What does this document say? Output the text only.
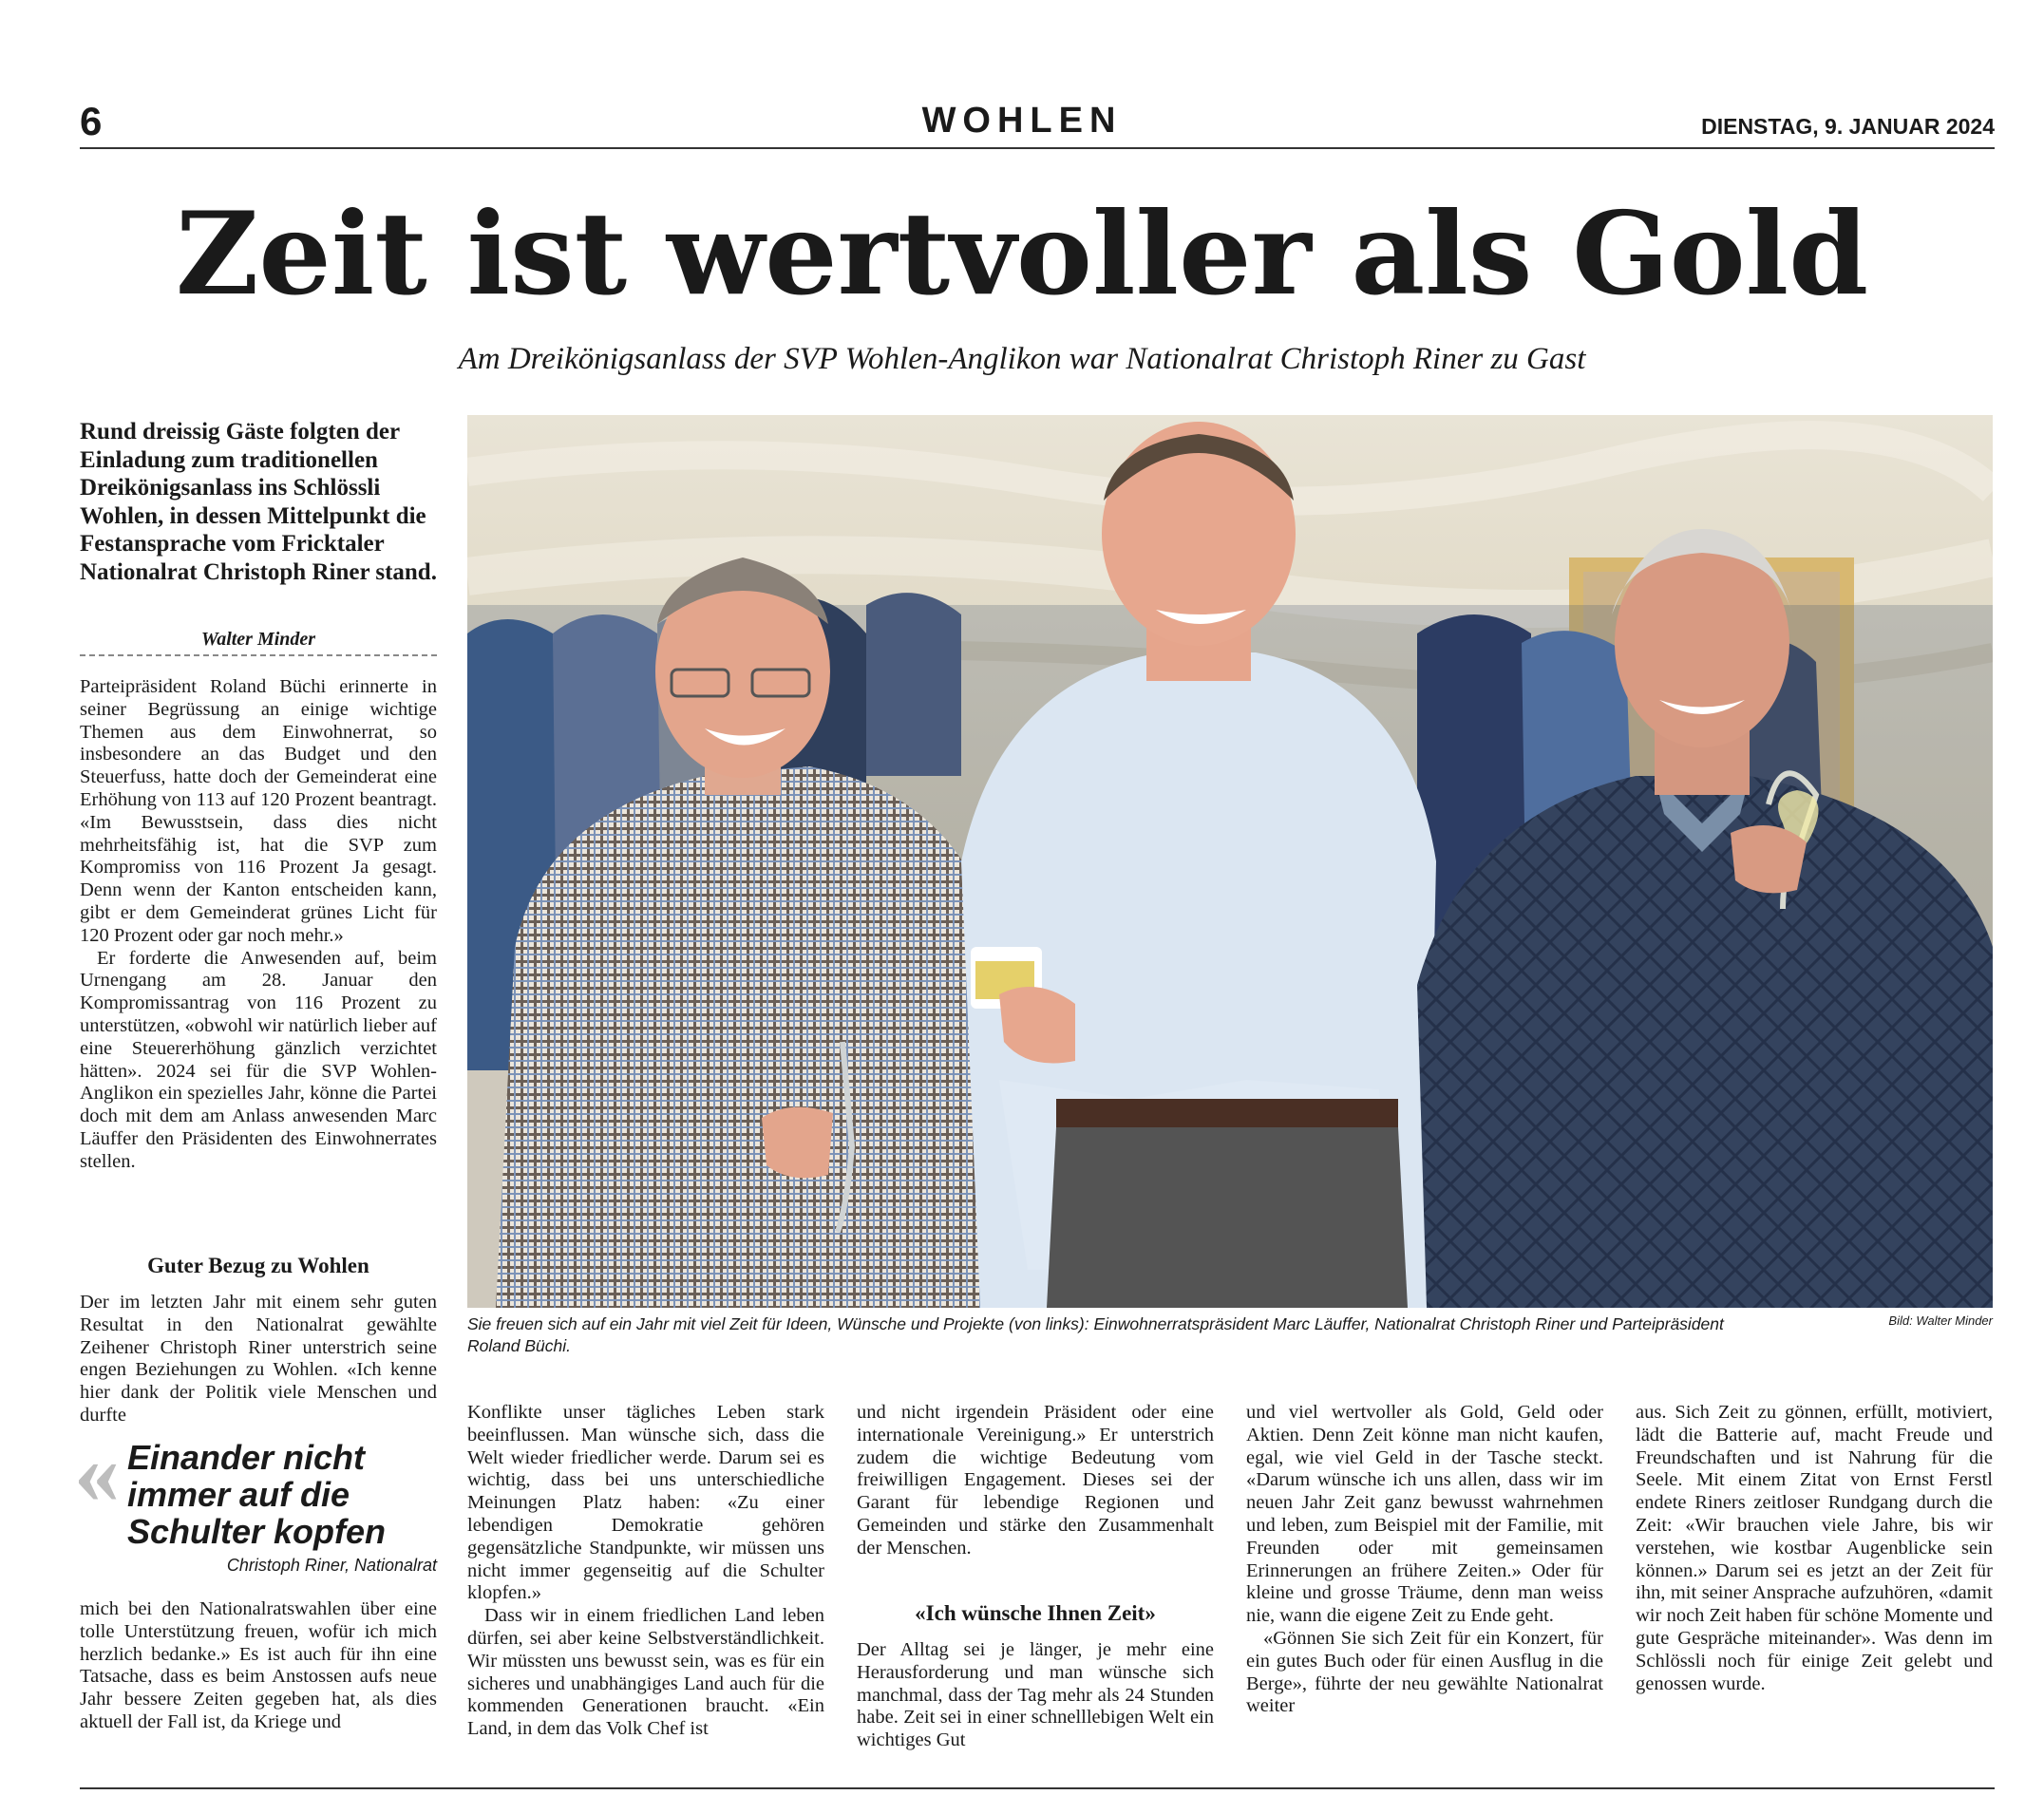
6	WOHLEN	DIENSTAG, 9. JANUAR 2024
Zeit ist wertvoller als Gold
Am Dreikönigsanlass der SVP Wohlen-Anglikon war Nationalrat Christoph Riner zu Gast
Rund dreissig Gäste folgten der Einladung zum traditionellen Dreikönigsanlass ins Schlössli Wohlen, in dessen Mittelpunkt die Festansprache vom Fricktaler Nationalrat Christoph Riner stand.
Walter Minder

Parteipräsident Roland Büchi erinnerte in seiner Begrüssung an einige wichtige Themen aus dem Einwohnerrat, so insbesondere an das Budget und den Steuerfuss, hatte doch der Gemeinderat eine Erhöhung von 113 auf 120 Prozent beantragt. «Im Bewusstsein, dass dies nicht mehrheitsfähig ist, hat die SVP zum Kompromiss von 116 Prozent Ja gesagt. Denn wenn der Kanton entscheiden kann, gibt er dem Gemeinderat grünes Licht für 120 Prozent oder gar noch mehr.»

Er forderte die Anwesenden auf, beim Urnengang am 28. Januar den Kompromissantrag von 116 Prozent zu unterstützen, «obwohl wir natürlich lieber auf eine Steuererhöhung gänzlich verzichtet hätten». 2024 sei für die SVP Wohlen-Anglikon ein spezielles Jahr, könne die Partei doch mit dem am Anlass anwesenden Marc Läuffer den Präsidenten des Einwohnerrates stellen.

Guter Bezug zu Wohlen

Der im letzten Jahr mit einem sehr guten Resultat in den Nationalrat gewählte Zeihener Christoph Riner unterstrich seine engen Beziehungen zu Wohlen. «Ich kenne hier dank der Politik viele Menschen und durfte

« Einander nicht immer auf die Schulter kopfen
Christoph Riner, Nationalrat

mich bei den Nationalratswahlen über eine tolle Unterstützung freuen, wofür ich mich herzlich bedanke.» Es ist auch für ihn eine Tatsache, dass es beim Anstossen aufs neue Jahr bessere Zeiten gegeben hat, als dies aktuell der Fall ist, da Kriege und

Sie freuen sich auf ein Jahr mit viel Zeit für Ideen, Wünsche und Projekte (von links): Einwohnerratspräsident Marc Läuffer, Nationalrat Christoph Riner und Parteipräsident Roland Büchi.
Bild: Walter Minder

Konflikte unser tägliches Leben stark beeinflussen. Man wünsche sich, dass die Welt wieder friedlicher werde. Darum sei es wichtig, dass bei uns unterschiedliche Meinungen Platz haben: «Zu einer lebendigen Demokratie gehören gegensätzliche Standpunkte, wir müssen uns nicht immer gegenseitig auf die Schulter klopfen.»

Dass wir in einem friedlichen Land leben dürfen, sei aber keine Selbstverständlichkeit. Wir müssten uns bewusst sein, was es für ein sicheres und unabhängiges Land auch für die kommenden Generationen braucht. «Ein Land, in dem das Volk Chef ist

und nicht irgendein Präsident oder eine internationale Vereinigung.» Er unterstrich zudem die wichtige Bedeutung vom freiwilligen Engagement. Dieses sei der Garant für lebendige Regionen und Gemeinden und stärke den Zusammenhalt der Menschen.

«Ich wünsche Ihnen Zeit»

Der Alltag sei je länger, je mehr eine Herausforderung und man wünsche sich manchmal, dass der Tag mehr als 24 Stunden habe. Zeit sei in einer schnelllebigen Welt ein wichtiges Gut

und viel wertvoller als Gold, Geld oder Aktien. Denn Zeit könne man nicht kaufen, egal, wie viel Geld in der Tasche steckt. «Darum wünsche ich uns allen, dass wir im neuen Jahr Zeit ganz bewusst wahrnehmen und leben, zum Beispiel mit der Familie, mit Freunden oder mit gemeinsamen Erinnerungen an frühere Zeiten.» Oder für kleine und grosse Träume, denn man weiss nie, wann die eigene Zeit zu Ende geht.

«Gönnen Sie sich Zeit für ein Konzert, für ein gutes Buch oder für einen Ausflug in die Berge», führte der neu gewählte Nationalrat weiter

aus. Sich Zeit zu gönnen, erfüllt, motiviert, lädt die Batterie auf, macht Freude und Freundschaften und ist Nahrung für die Seele. Mit einem Zitat von Ernst Ferstl endete Riners zeitloser Rundgang durch die Zeit: «Wir brauchen viele Jahre, bis wir verstehen, wie kostbar Augenblicke sein können.» Darum sei es jetzt an der Zeit für ihn, mit seiner Ansprache aufzuhören, «damit wir noch Zeit haben für schöne Momente und gute Gespräche miteinander». Was denn im Schlössli noch für einige Zeit gelebt und genossen wurde.
